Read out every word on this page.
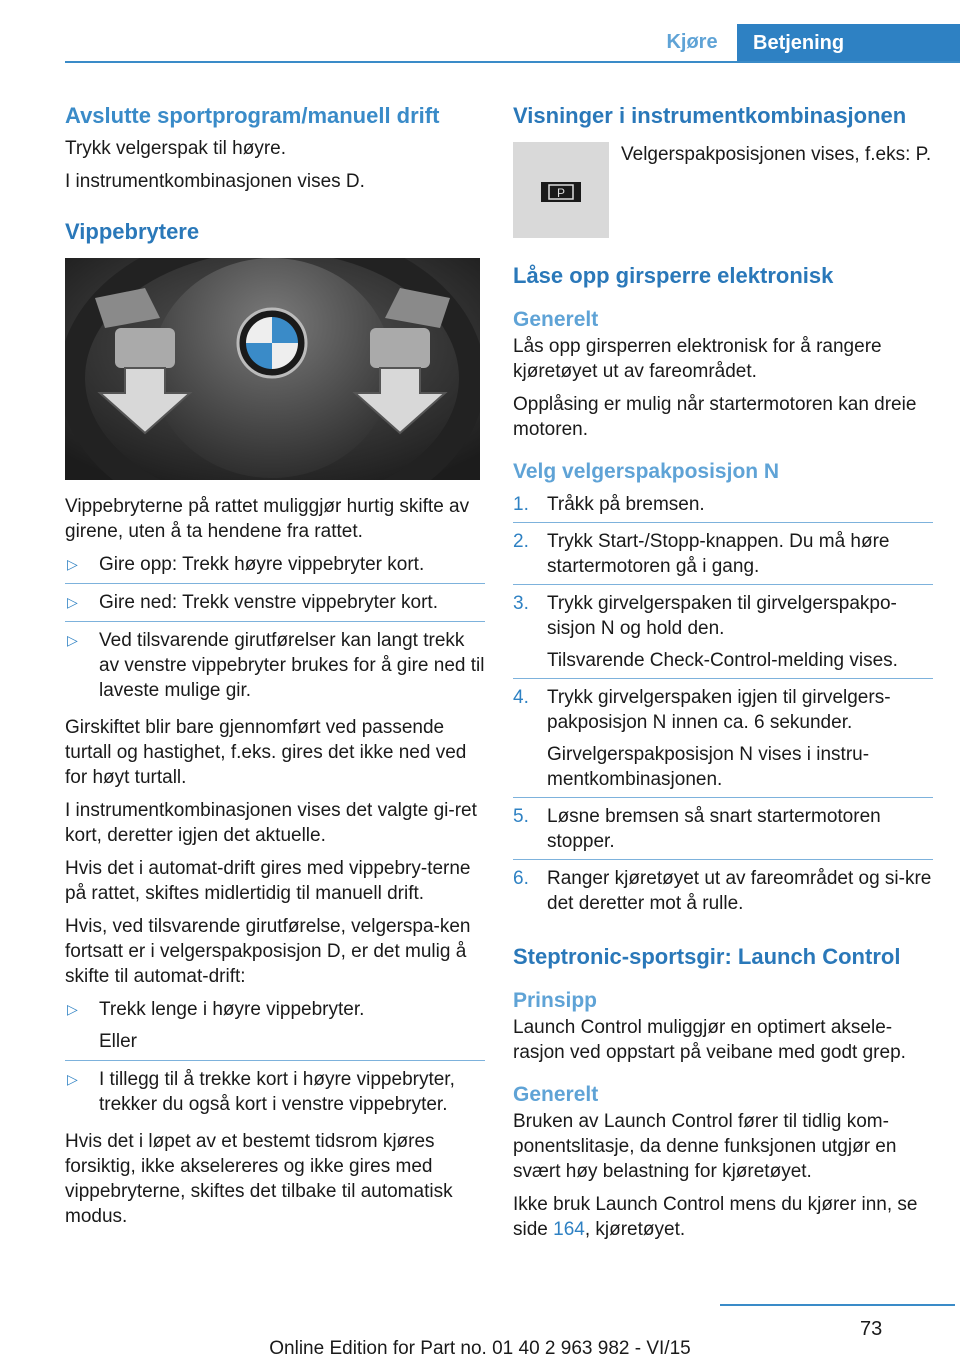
Kjøre	Betjening
Avslutte sportprogram/manuell drift

Trykk velgerspak til høyre.

I instrumentkombinasjonen vises D.

Vippebrytere

Vippebryterne på rattet muliggjør hurtig skifte av girene, uten å ta hendene fra rattet.

▷ Gire opp: Trekk høyre vippebryter kort.
▷ Gire ned: Trekk venstre vippebryter kort.
▷ Ved tilsvarende girutførelser kan langt trekk av venstre vippebryter brukes for å gire ned til laveste mulige gir.

Girskiftet blir bare gjennomført ved passende turtall og hastighet, f.eks. gires det ikke ned ved for høyt turtall.

I instrumentkombinasjonen vises det valgte gi-ret kort, deretter igjen det aktuelle.

Hvis det i automat-drift gires med vippebry-terne på rattet, skiftes midlertidig til manuell drift.

Hvis, ved tilsvarende girutførelse, velgerspa-ken fortsatt er i velgerspakposisjon D, er det mulig å skifte til automat-drift:

▷ Trekk lenge i høyre vippebryter.
Eller
▷ I tillegg til å trekke kort i høyre vippebryter, trekker du også kort i venstre vippebryter.

Hvis det i løpet av et bestemt tidsrom kjøres forsiktig, ikke akselereres og ikke gires med vippebryterne, skiftes det tilbake til automatisk modus.

Visninger i instrumentkombinasjonen
P

Velgerspakposisjonen vises, f.eks: P.

Låse opp girsperre elektronisk
Generelt

Lås opp girsperren elektronisk for å rangere kjøretøyet ut av fareområdet.

Opplåsing er mulig når startermotoren kan dreie motoren.

Velg velgerspakposisjon N
1. Tråkk på bremsen.
2. Trykk Start-/Stopp-knappen. Du må høre startermotoren gå i gang.
3. Trykk girvelgerspaken til girvelgerspakpo-sisjon N og hold den.
Tilsvarende Check-Control-melding vises.
4. Trykk girvelgerspaken igjen til girvelgers-pakposisjon N innen ca. 6 sekunder.
Girvelgerspakposisjon N vises i instru-mentkombinasjonen.
5. Løsne bremsen så snart startermotoren stopper.
6. Ranger kjøretøyet ut av fareområdet og si-kre det deretter mot å rulle.
Steptronic-sportsgir: Launch Control
Prinsipp

Launch Control muliggjør en optimert aksele-rasjon ved oppstart på veibane med godt grep.

Generelt

Bruken av Launch Control fører til tidlig kom-ponentslitasje, da denne funksjonen utgjør en svært høy belastning for kjøretøyet.

Ikke bruk Launch Control mens du kjører inn, se side 164, kjøretøyet.

73
Online Edition for Part no. 01 40 2 963 982 - VI/15
